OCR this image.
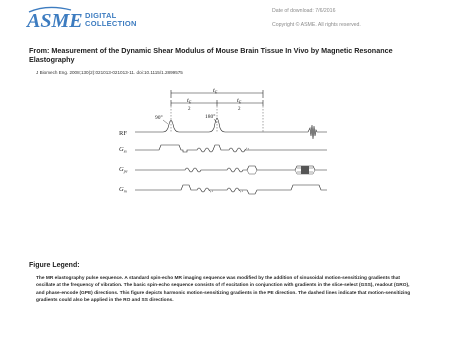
ASME DIGITAL
COLLECTION
Date of download: 7/6/2016
Copyright © ASME. All rights reserved.
From: Measurement of the Dynamic Shear Modulus of Mouse Brain Tissue In Vivo by Magnetic Resonance Elastography
J Biomech Eng. 2008;130(2):021013-021013-11. doi:10.1115/1.2899575
$t_E$
$t_E$
2
$t_E$
2
RF
$G_{ss}$
$G_{pe}$
$G_{ro}$
90°	180°
Figure Legend:
The MR elastography pulse sequence. A standard spin-echo MR imaging sequence was modified by the addition of sinusoidal motion-sensitizing gradients that oscillate at the frequency of vibration. The basic spin-echo sequence consists of rf excitation in conjunction with gradients in the slice-select (GSS), readout (GRO), and phase-encode (GPE) directions. This figure depicts harmonic motion-sensitizing gradients in the PE direction. The dashed lines indicate that motion-sensitizing gradients could also be applied in the RO and SS directions.
